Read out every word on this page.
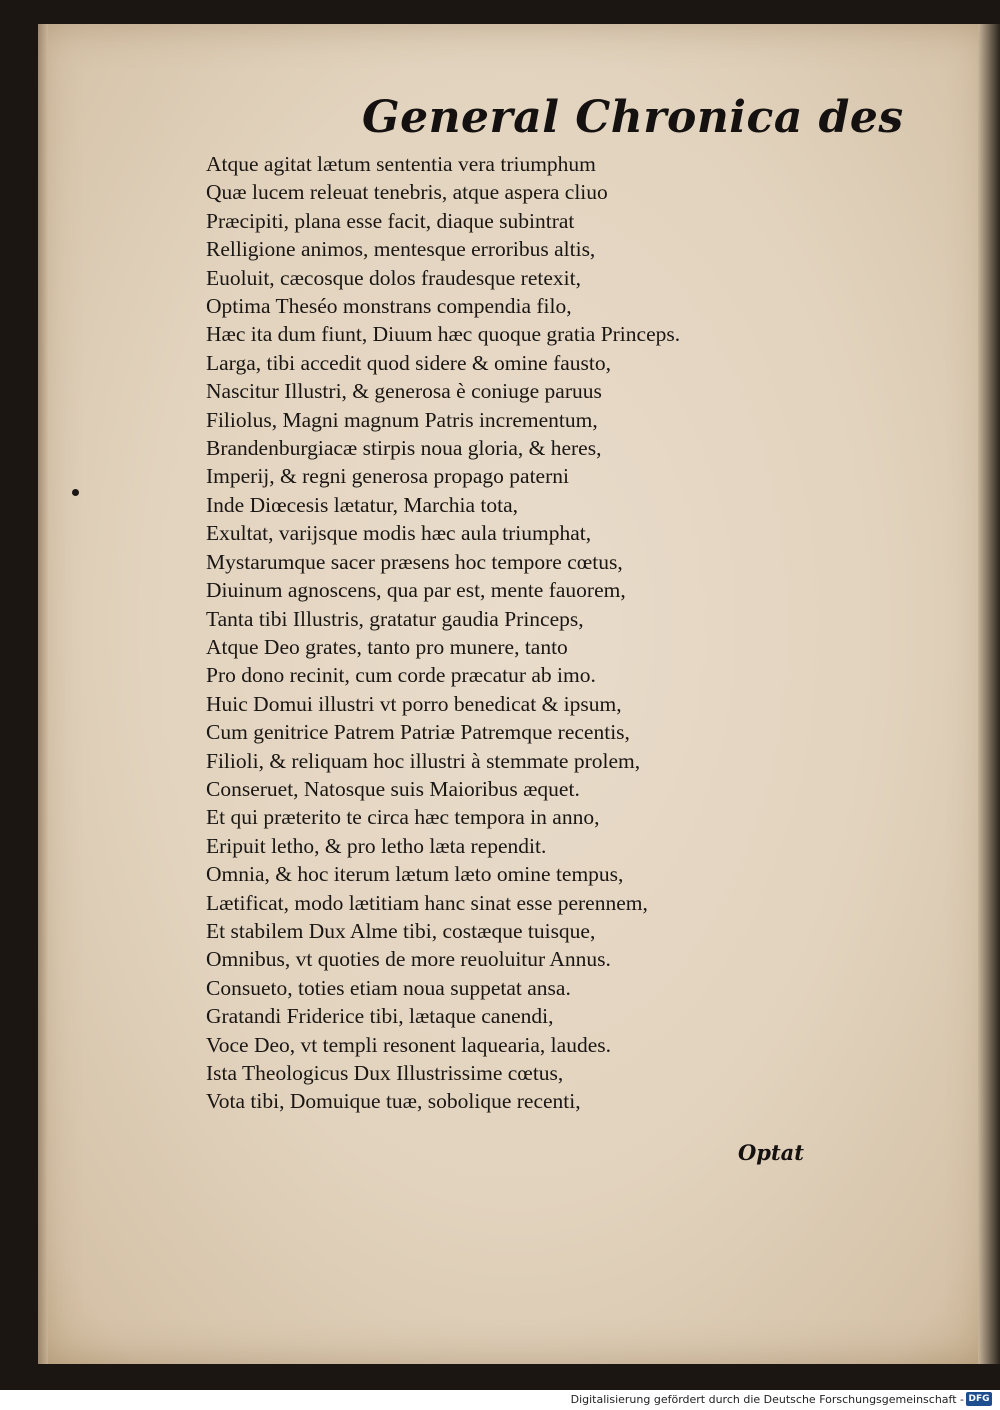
General Chronica des
Atque agitat lætum sententia vera triumphum
Quæ lucem releuat tenebris, atque aspera cliuo
Præcipiti, plana esse facit, diaque subintrat
Relligione animos, mentesque erroribus altis,
Euoluit, cæcosque dolos fraudesque retexit,
Optima Theséo monstrans compendia filo,
Hæc ita dum fiunt, Diuum hæc quoque gratia Princeps.
Larga, tibi accedit quod sidere & omine fausto,
Nascitur Illustri, & generosa è coniuge paruus
Filiolus, Magni magnum Patris incrementum,
Brandenburgiacæ stirpis noua gloria, & heres,
Imperij, & regni generosa propago paterni
Inde Diœcesis lætatur, Marchia tota,
Exultat, varijsque modis hæc aula triumphat,
Mystarumque sacer præsens hoc tempore cœtus,
Diuinum agnoscens, qua par est, mente fauorem,
Tanta tibi Illustris, gratatur gaudia Princeps,
Atque Deo grates, tanto pro munere, tanto
Pro dono recinit, cum corde præcatur ab imo.
Huic Domui illustri vt porro benedicat & ipsum,
Cum genitrice Patrem Patriæ Patremque recentis,
Filioli, & reliquam hoc illustri à stemmate prolem,
Conseruet, Natosque suis Maioribus æquet.
Et qui præterito te circa hæc tempora in anno,
Eripuit letho, & pro letho læta rependit.
Omnia, & hoc iterum lætum læto omine tempus,
Lætificat, modo lætitiam hanc sinat esse perennem,
Et stabilem Dux Alme tibi, costæque tuisque,
Omnibus, vt quoties de more reuoluitur Annus.
Consueto, toties etiam noua suppetat ansa.
Gratandi Friderice tibi, lætaque canendi,
Voce Deo, vt templi resonent laquearia, laudes.
Ista Theologicus Dux Illustrissime cœtus,
Vota tibi, Domuique tuæ, sobolique recenti,
Optat
Digitalisierung gefördert durch die Deutsche Forschungsgemeinschaft - DFG
